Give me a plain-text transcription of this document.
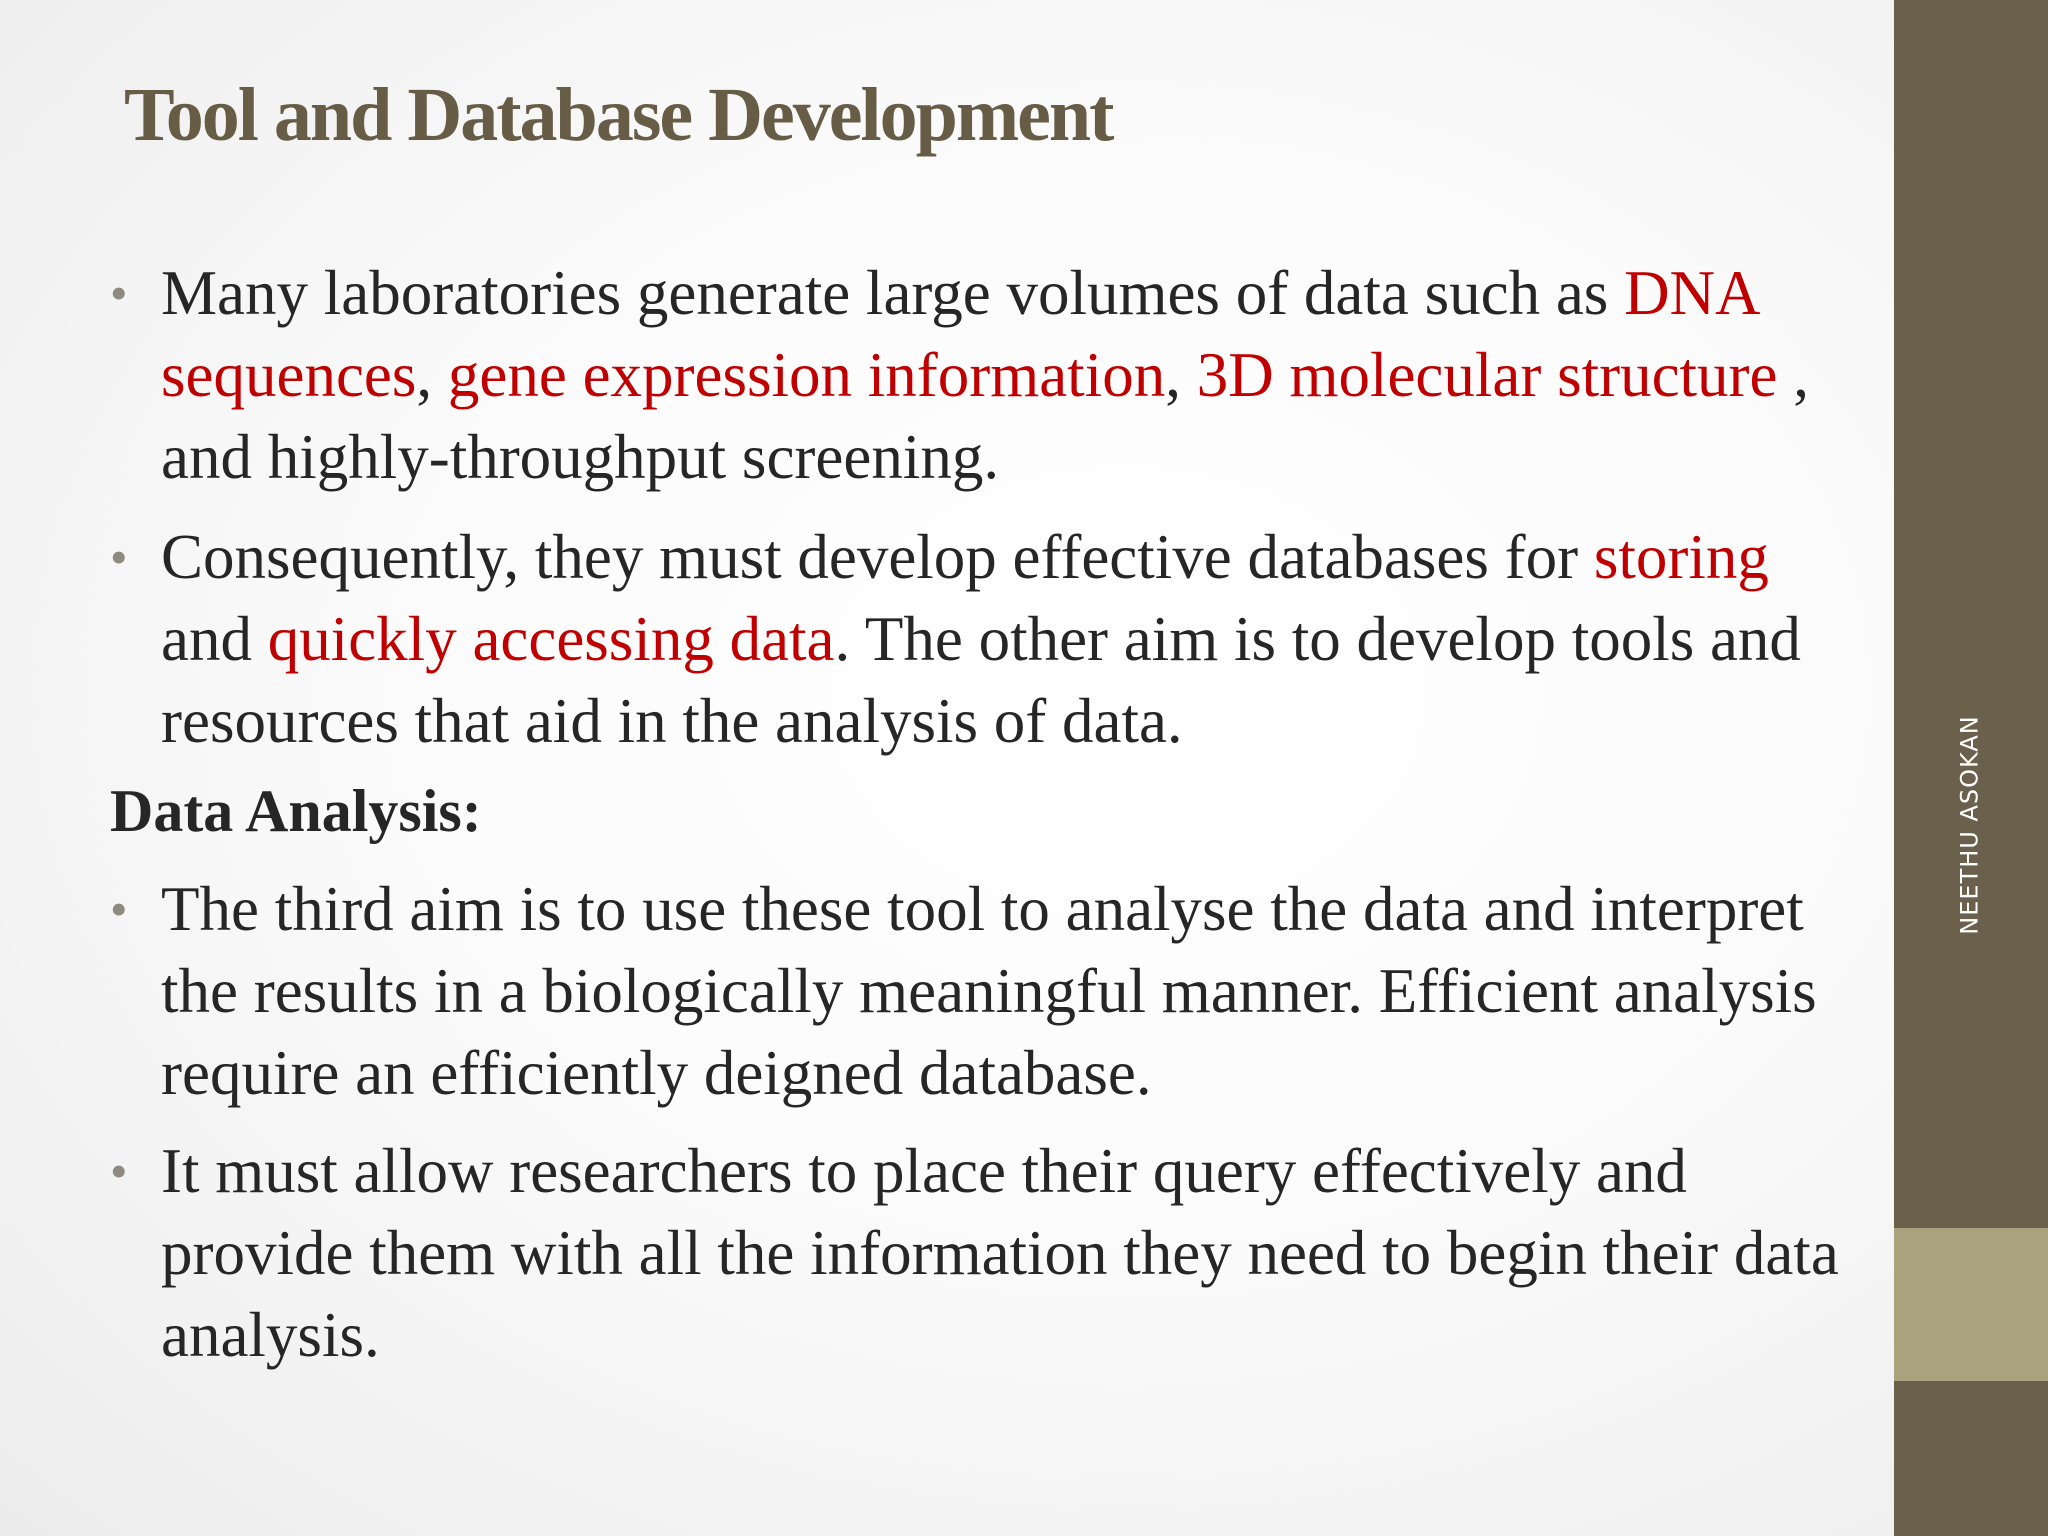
NEETHU ASOKAN
Tool and Database Development
• Many laboratories generate large volumes of data such as DNA
sequences, gene expression information, 3D molecular structure ,
and highly-throughput screening.
• Consequently, they must develop effective databases for storing
and quickly accessing data. The other aim is to develop tools and
resources that aid in the analysis of data.
Data Analysis:
• The third aim is to use these tool to analyse the data and interpret
the results in a biologically meaningful manner. Efficient analysis
require an efficiently deigned database.
• It must allow researchers to place their query effectively and
provide them with all the information they need to begin their data
analysis.
